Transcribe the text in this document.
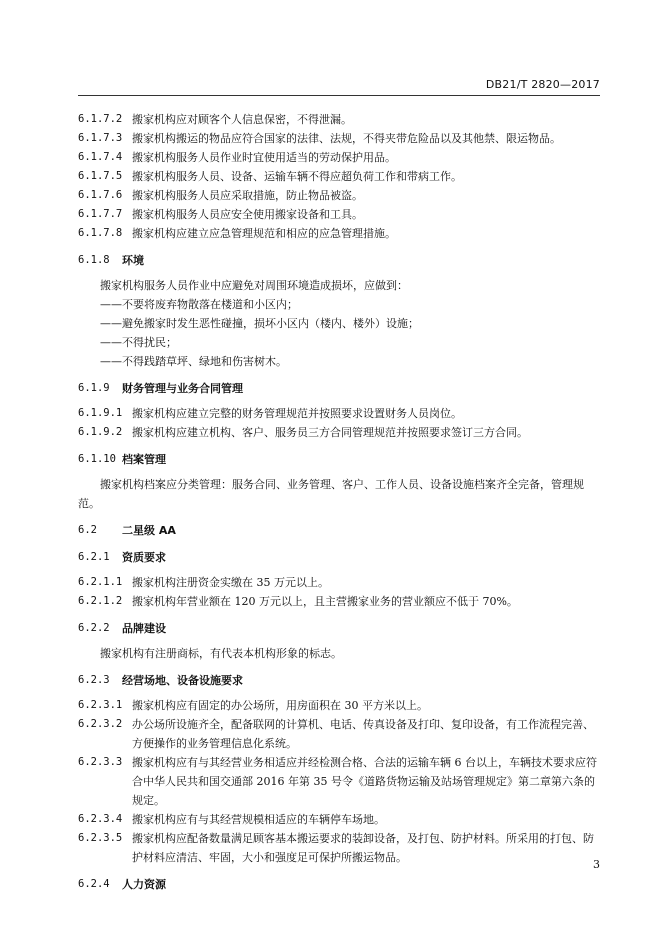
DB21/T 2820—2017
6.1.7.2 搬家机构应对顾客个人信息保密，不得泄漏。
6.1.7.3 搬家机构搬运的物品应符合国家的法律、法规，不得夹带危险品以及其他禁、限运物品。
6.1.7.4 搬家机构服务人员作业时宜使用适当的劳动保护用品。
6.1.7.5 搬家机构服务人员、设备、运输车辆不得应超负荷工作和带病工作。
6.1.7.6 搬家机构服务人员应采取措施，防止物品被盗。
6.1.7.7 搬家机构服务人员应安全使用搬家设备和工具。
6.1.7.8 搬家机构应建立应急管理规范和相应的应急管理措施。
6.1.8	环境
搬家机构服务人员作业中应避免对周围环境造成损坏，应做到：
——不要将废弃物散落在楼道和小区内；
——避免搬家时发生恶性碰撞，损坏小区内（楼内、楼外）设施；
——不得扰民；
——不得践踏草坪、绿地和伤害树木。
6.1.9	财务管理与业务合同管理
6.1.9.1 搬家机构应建立完整的财务管理规范并按照要求设置财务人员岗位。
6.1.9.2 搬家机构应建立机构、客户、服务员三方合同管理规范并按照要求签订三方合同。
6.1.10 档案管理
搬家机构档案应分类管理：服务合同、业务管理、客户、工作人员、设备设施档案齐全完备，管理规范。
6.2	二星级 AA
6.2.1	资质要求
6.2.1.1 搬家机构注册资金实缴在 35 万元以上。
6.2.1.2 搬家机构年营业额在 120 万元以上，且主营搬家业务的营业额应不低于 70%。
6.2.2	品牌建设
搬家机构有注册商标，有代表本机构形象的标志。
6.2.3	经营场地、设备设施要求
6.2.3.1 搬家机构应有固定的办公场所，用房面积在 30 平方米以上。
6.2.3.2 办公场所设施齐全，配备联网的计算机、电话、传真设备及打印、复印设备，有工作流程完善、方便操作的业务管理信息化系统。
6.2.3.3 搬家机构应有与其经营业务相适应并经检测合格、合法的运输车辆 6 台以上，车辆技术要求应符合中华人民共和国交通部 2016 年第 35 号令《道路货物运输及站场管理规定》第二章第六条的规定。
6.2.3.4 搬家机构应有与其经营规模相适应的车辆停车场地。
6.2.3.5 搬家机构应配备数量满足顾客基本搬运要求的装卸设备，及打包、防护材料。所采用的打包、防护材料应清洁、牢固，大小和强度足可保护所搬运物品。
6.2.4	人力资源
3
